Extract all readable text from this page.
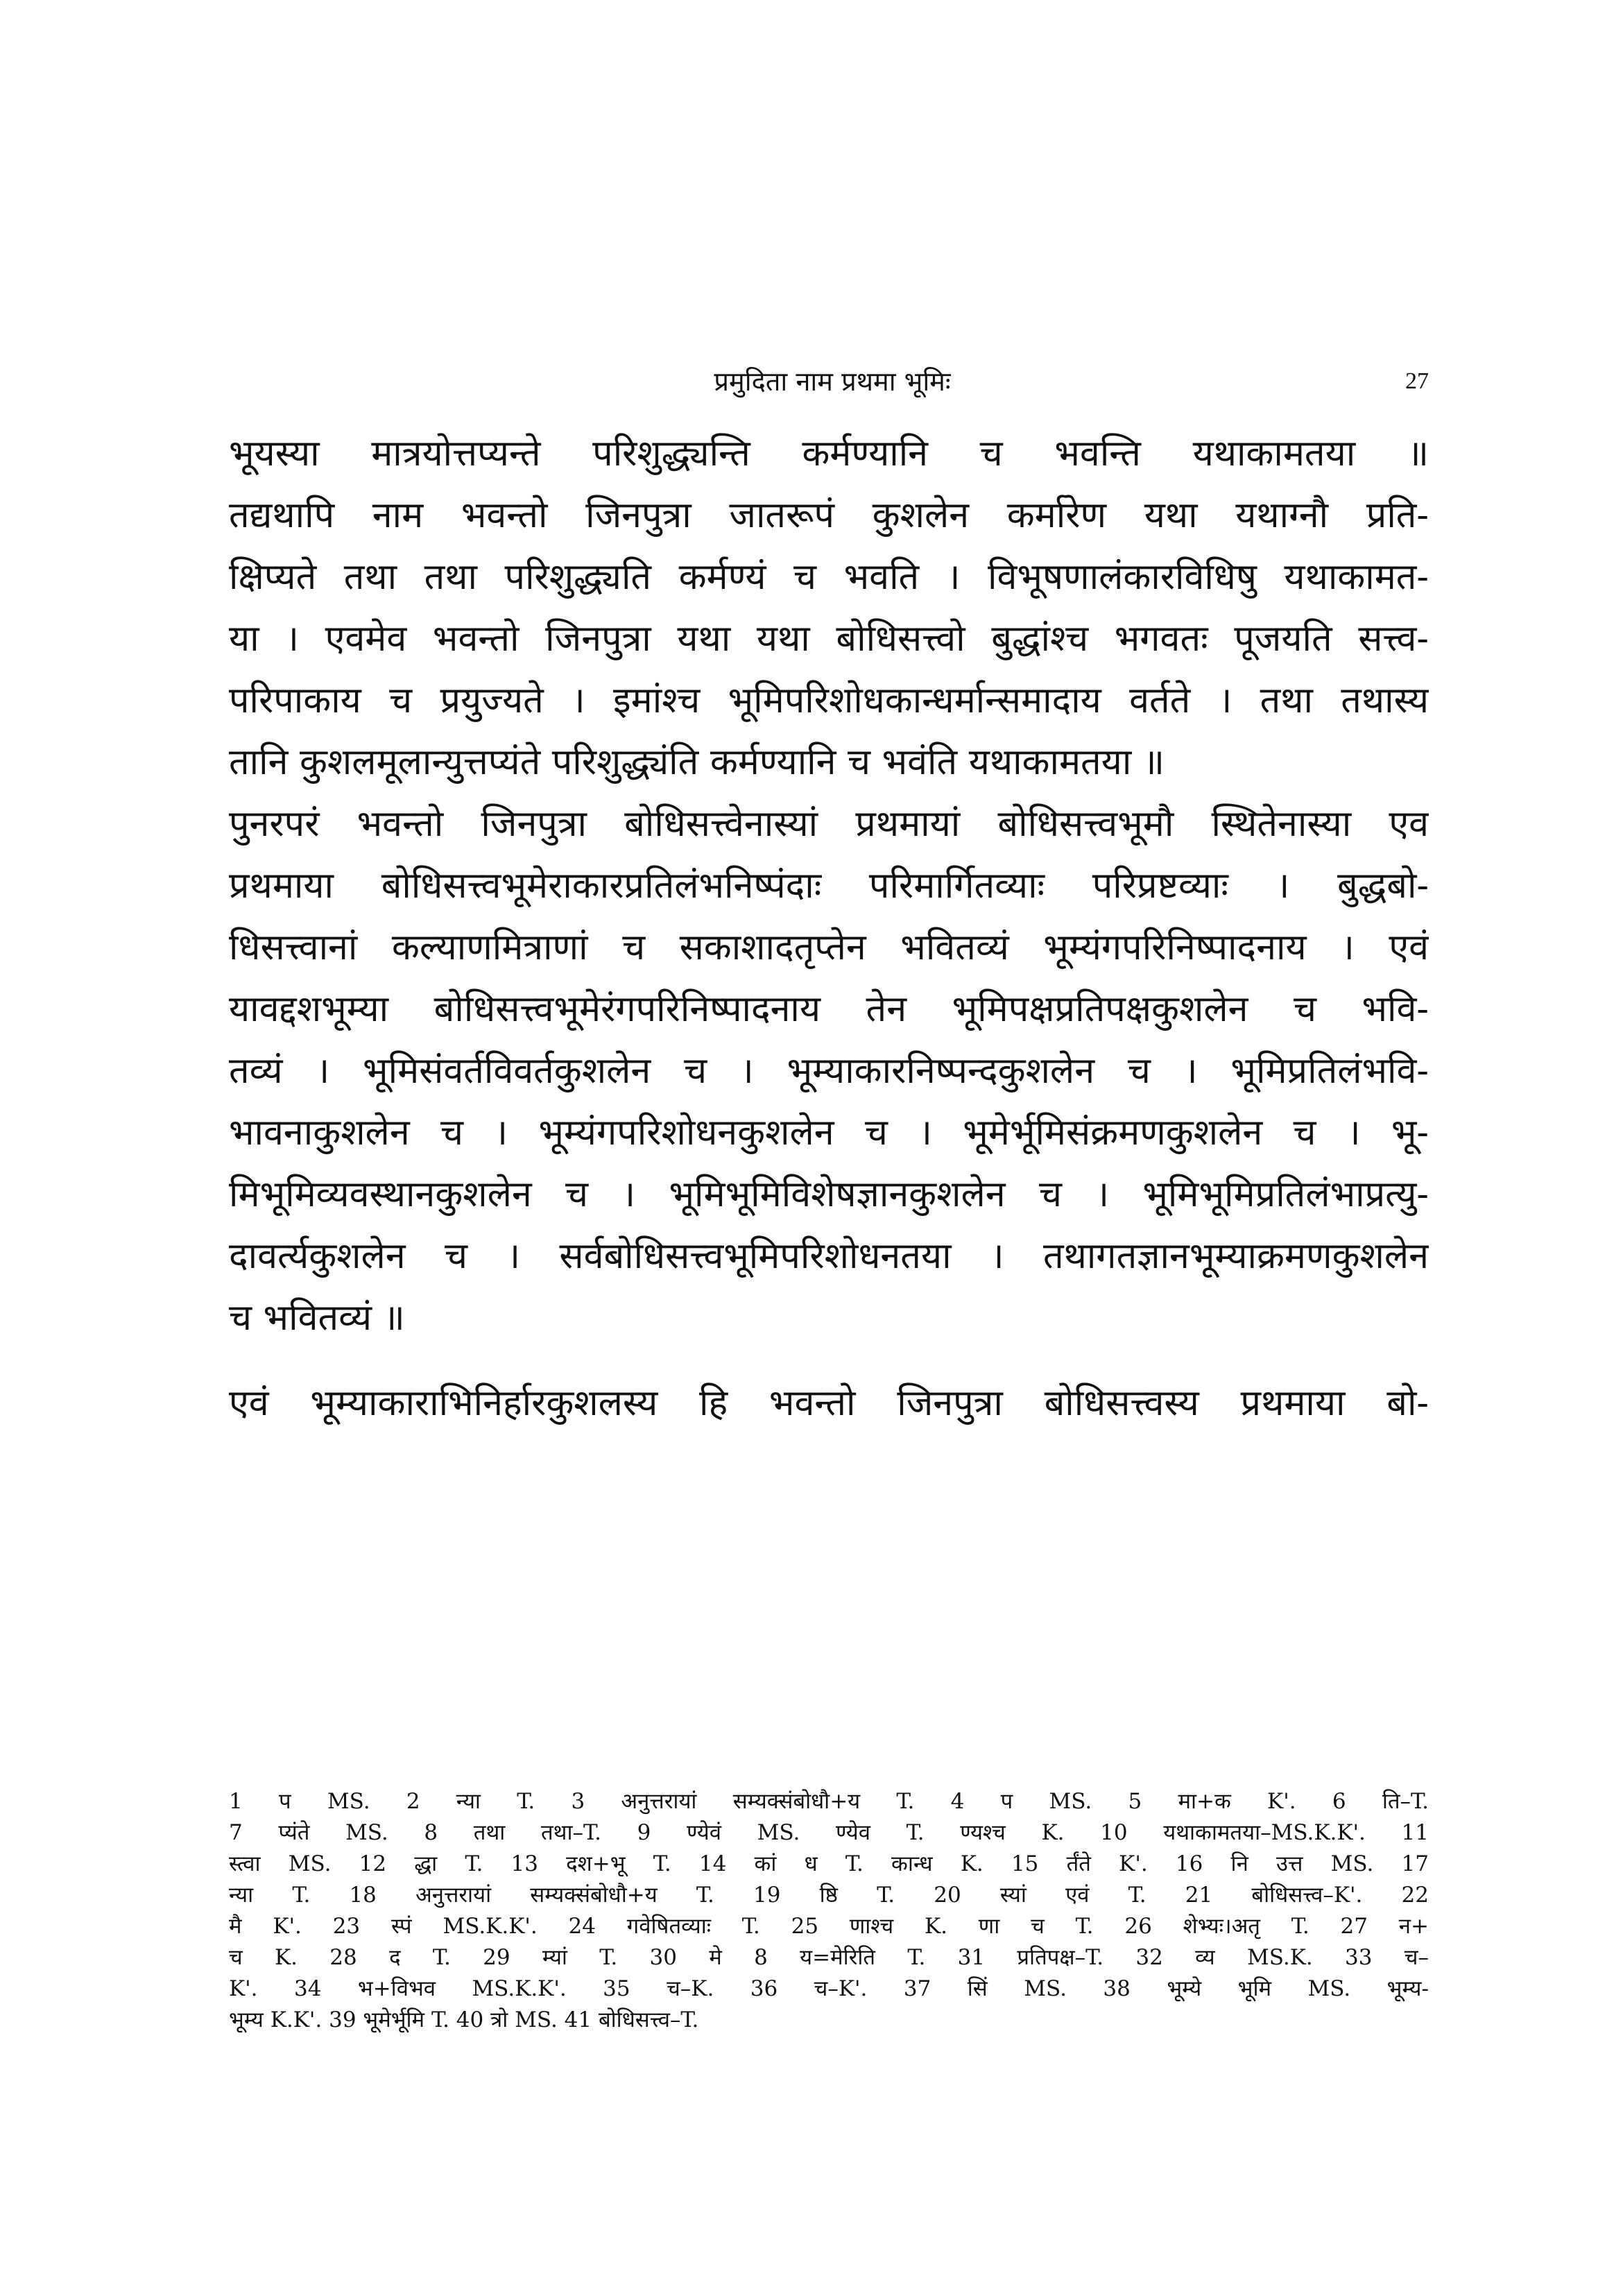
प्रमुदिता नाम प्रथमा भूमिः	27
भूयस्या मात्रयोत्तप्यन्ते परिशुद्ध्यन्ति कर्मण्यानि च भवन्ति यथाकामतया ॥
तद्यथापि नाम भवन्तो जिनपुत्रा जातरूपं कुशलेन कर्मारेण यथा यथाग्नौ प्रति-
क्षिप्यते तथा तथा परिशुद्ध्यति कर्मण्यं च भवति । विभूषणालंकारविधिषु यथाकामत-
या । एवमेव भवन्तो जिनपुत्रा यथा यथा बोधिसत्त्वो बुद्धांश्च भगवतः पूजयति सत्त्व-
परिपाकाय च प्रयुज्यते । इमांश्च भूमिपरिशोधकान्धर्मान्समादाय वर्तते । तथा तथास्य
तानि कुशलमूलान्युत्तप्यंते परिशुद्ध्यंति कर्मण्यानि च भवंति यथाकामतया ॥
पुनरपरं भवन्तो जिनपुत्रा बोधिसत्त्वेनास्यां प्रथमायां बोधिसत्त्वभूमौ स्थितेनास्या एव
प्रथमाया बोधिसत्त्वभूमेराकारप्रतिलंभनिष्पंदाः परिमार्गितव्याः परिप्रष्टव्याः । बुद्धबो-
धिसत्त्वानां कल्याणमित्राणां च सकाशादतृप्तेन भवितव्यं भूम्यंगपरिनिष्पादनाय । एवं
यावद्दशभूम्या बोधिसत्त्वभूमेरंगपरिनिष्पादनाय तेन भूमिपक्षप्रतिपक्षकुशलेन च भवि-
तव्यं । भूमिसंवर्तविवर्तकुशलेन च । भूम्याकारनिष्पन्दकुशलेन च । भूमिप्रतिलंभवि-
भावनाकुशलेन च । भूम्यंगपरिशोधनकुशलेन च । भूमेर्भूमिसंक्रमणकुशलेन च । भू-
मिभूमिव्यवस्थानकुशलेन च । भूमिभूमिविशेषज्ञानकुशलेन च । भूमिभूमिप्रतिलंभाप्रत्यु-
दावर्त्यकुशलेन च । सर्वबोधिसत्त्वभूमिपरिशोधनतया । तथागतज्ञानभूम्याक्रमणकुशलेन
च भवितव्यं ॥
एवं भूम्याकाराभिनिर्हारकुशलस्य हि भवन्तो जिनपुत्रा बोधिसत्त्वस्य प्रथमाया बो-
1 प MS. 2 न्या T. 3 अनुत्तरायां सम्यक्संबोधौ+य T. 4 प MS. 5 मा+क K'. 6 ति–T.
7 प्यंते MS. 8 तथा तथा–T. 9 ण्येवं MS. ण्येव T. ण्यश्च K. 10 यथाकामतया–MS.K.K'. 11
स्त्वा MS. 12 द्धा T. 13 दश+भू T. 14 कां ध T. कान्ध K. 15 र्तंते K'. 16 नि उत्त MS. 17
न्या T. 18 अनुत्तरायां सम्यक्संबोधौ+य T. 19 ष्ठि T. 20 स्यां एवं T. 21 बोधिसत्त्व–K'. 22
मै K'. 23 स्पं MS.K.K'. 24 गवेषितव्याः T. 25 णाश्च K. णा च T. 26 शेभ्यः।अतृ T. 27 न+
च K. 28 द T. 29 म्यां T. 30 मे 8 य=मेरिति T. 31 प्रतिपक्ष–T. 32 व्य MS.K. 33 च–
K'. 34 भ+विभव MS.K.K'. 35 च–K. 36 च–K'. 37 सिं MS. 38 भूम्ये भूमि MS. भूम्य-
भूम्य K.K'. 39 भूमेर्भूमि T. 40 त्रो MS. 41 बोधिसत्त्व–T.
